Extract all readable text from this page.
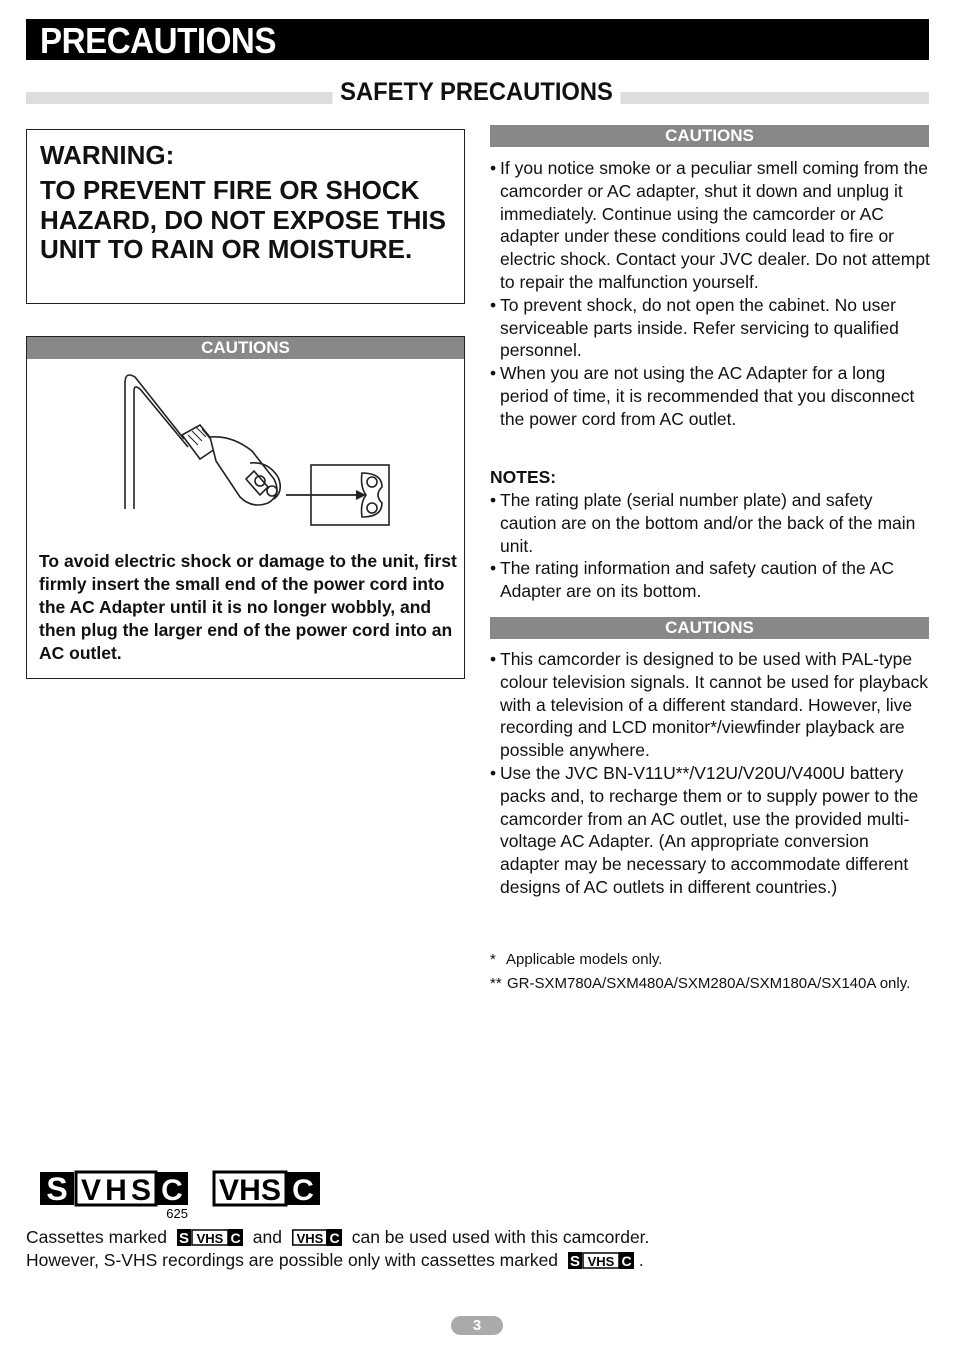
PRECAUTIONS
SAFETY PRECAUTIONS
WARNING:
TO PREVENT FIRE OR SHOCK HAZARD, DO NOT EXPOSE THIS UNIT TO RAIN OR MOISTURE.
CAUTIONS
To avoid electric shock or damage to the unit, first firmly insert the small end of the power cord into the AC Adapter until it is no longer wobbly, and then plug the larger end of the power cord into an AC outlet.
CAUTIONS
• If you notice smoke or a peculiar smell coming from the camcorder or AC adapter, shut it down and unplug it immediately. Continue using the camcorder or AC adapter under these conditions could lead to fire or electric shock. Contact your JVC dealer. Do not attempt to repair the malfunction yourself.
• To prevent shock, do not open the cabinet. No user serviceable parts inside. Refer servicing to qualified personnel.
• When you are not using the AC Adapter for a long period of time, it is recommended that you disconnect the power cord from AC outlet.
NOTES:
• The rating plate (serial number plate) and safety caution are on the bottom and/or the back of the main unit.
• The rating information and safety caution of the AC Adapter are on its bottom.
CAUTIONS
• This camcorder is designed to be used with PAL-type colour television signals. It cannot be used for playback with a television of a different standard. However, live recording and LCD monitor*/viewfinder playback are possible anywhere.
• Use the JVC BN-V11U**/V12U/V20U/V400U battery packs and, to recharge them or to supply power to the camcorder from an AC outlet, use the provided multi-voltage AC Adapter. (An appropriate conversion adapter may be necessary to accommodate different designs of AC outlets in different countries.)
* Applicable models only.
** GR-SXM780A/SXM480A/SXM280A/SXM180A/SX140A only.
S VHS C
625
VHS C
Cassettes marked S VHS C and VHS C can be used used with this camcorder.
However, S-VHS recordings are possible only with cassettes marked S VHS C .
3
